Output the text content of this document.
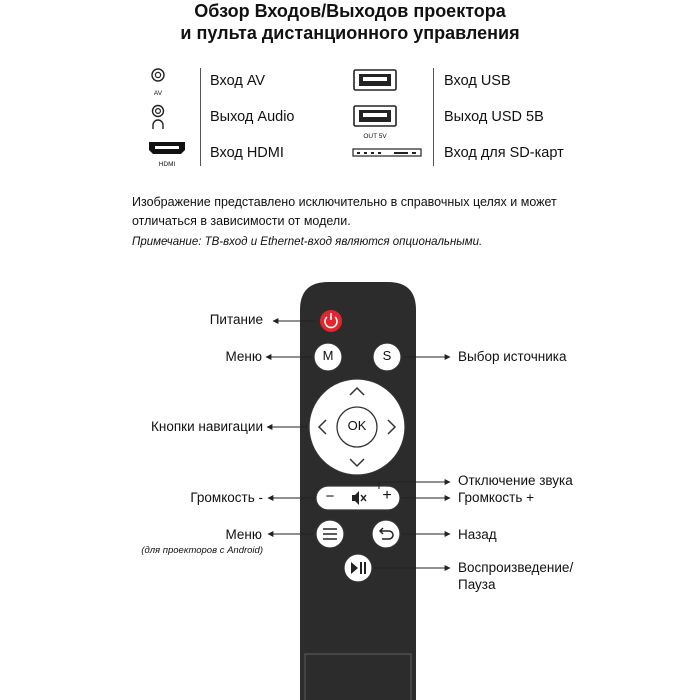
Обзор Входов/Выходов проектора
и пульта дистанционного управления
AV
Вход AV
Выход Audio
HDMI
Вход HDMI
Вход USB
OUT 5V
Выход USD 5В
Вход для SD-карт
Изображение представлено исключительно в справочных целях и может
отличаться в зависимости от модели.
Примечание: ТВ-вход и Ethernet-вход являются опциональными.
M	S
OK
−	+
Питание
Меню
Кнопки навигации
Громкость -
Меню
(для проекторов с Android)
Выбор источника
Отключение звука
Громкость +
Назад
Воспроизведение/
Пауза
